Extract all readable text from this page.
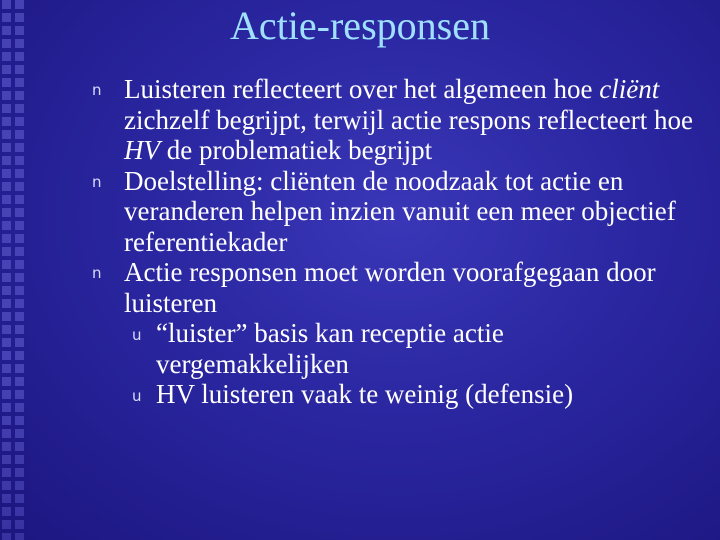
Actie-responsen
n Luisteren reflecteert over het algemeen hoe cliënt zichzelf begrijpt, terwijl actie respons reflecteert hoe HV de problematiek begrijpt
n Doelstelling: cliënten de noodzaak tot actie en veranderen helpen inzien vanuit een meer objectief referentiekader
n Actie responsen moet worden voorafgegaan door luisteren
u “luister” basis kan receptie actie vergemakkelijken
u HV luisteren vaak te weinig (defensie)
